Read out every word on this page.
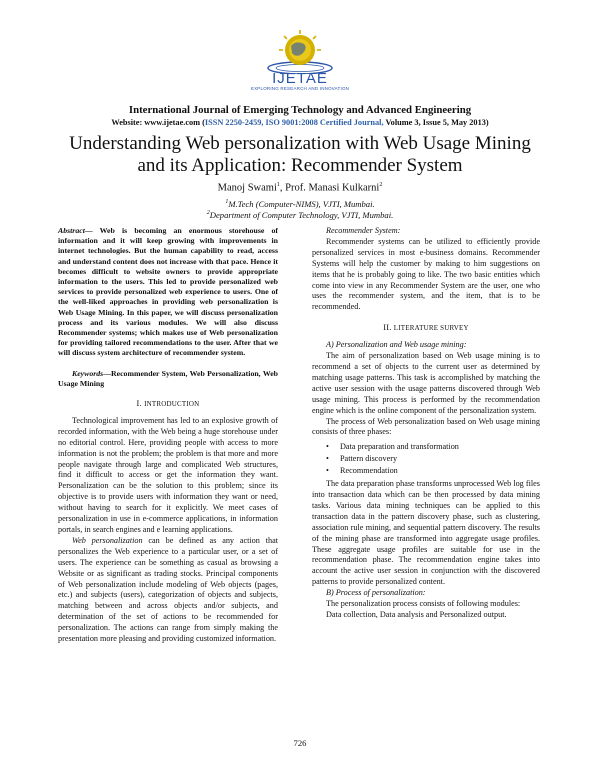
IJETAE
EXPLORING RESEARCH AND INNOVATION
International Journal of Emerging Technology and Advanced Engineering
Website: www.ijetae.com (ISSN 2250-2459, ISO 9001:2008 Certified Journal, Volume 3, Issue 5, May 2013)
Understanding Web personalization with Web Usage Mining
and its Application: Recommender System
Manoj Swami$^1$, Prof. Manasi Kulkarni$^2$
$^1$M.Tech (Computer-NIMS), VJTI, Mumbai.
$^2$Department of Computer Technology, VJTI, Mumbai.

Abstract— Web is becoming an enormous storehouse of information and it will keep growing with improvements in internet technologies. But the human capability to read, access and understand content does not increase with that pace. Hence it becomes difficult to website owners to provide appropriate information to the users. This led to provide personalized web services to provide personalized web experience to users. One of the well-liked approaches in providing web personalization is Web Usage Mining. In this paper, we will discuss personalization process and its various modules. We will also discuss Recommender systems; which makes use of Web personalization for providing tailored recommendations to the user. After that we will discuss system architecture of recommender system.

Keywords—Recommender System, Web Personalization, Web Usage Mining

I. INTRODUCTION

Technological improvement has led to an explosive growth of recorded information, with the Web being a huge storehouse under no editorial control. Here, providing people with access to more information is not the problem; the problem is that more and more people navigate through large and complicated Web structures, find it difficult to access or get the information they want. Personalization can be the solution to this problem; since its objective is to provide users with information they want or need, without having to search for it explicitly. We meet cases of personalization in use in e-commerce applications, in information portals, in search engines and e learning applications.

Web personalization can be defined as any action that personalizes the Web experience to a particular user, or a set of users. The experience can be something as casual as browsing a Website or as significant as trading stocks. Principal components of Web personalization include modeling of Web objects (pages, etc.) and subjects (users), categorization of objects and subjects, matching between and across objects and/or subjects, and determination of the set of actions to be recommended for personalization. The actions can range from simply making the presentation more pleasing and providing customized information.

Recommender System:

Recommender systems can be utilized to efficiently provide personalized services in most e-business domains. Recommender Systems will help the customer by making to him suggestions on items that he is probably going to like. The two basic entities which come into view in any Recommender System are the user, one who uses the recommender system, and the item, that is to be recommended.

II. LITERATURE SURVEY

A) Personalization and Web usage mining:

The aim of personalization based on Web usage mining is to recommend a set of objects to the current user as determined by matching usage patterns. This task is accomplished by matching the active user session with the usage patterns discovered through Web usage mining. This process is performed by the recommendation engine which is the online component of the personalization system.

The process of Web personalization based on Web usage mining consists of three phases:

• Data preparation and transformation
• Pattern discovery
• Recommendation

The data preparation phase transforms unprocessed Web log files into transaction data which can be then processed by data mining tasks. Various data mining techniques can be applied to this transaction data in the pattern discovery phase, such as clustering, association rule mining, and sequential pattern discovery. The results of the mining phase are transformed into aggregate usage profiles. These aggregate usage profiles are suitable for use in the recommendation phase. The recommendation engine takes into account the active user session in conjunction with the discovered patterns to provide personalized content.

B) Process of personalization:

The personalization process consists of following modules:

Data collection, Data analysis and Personalized output.

726
